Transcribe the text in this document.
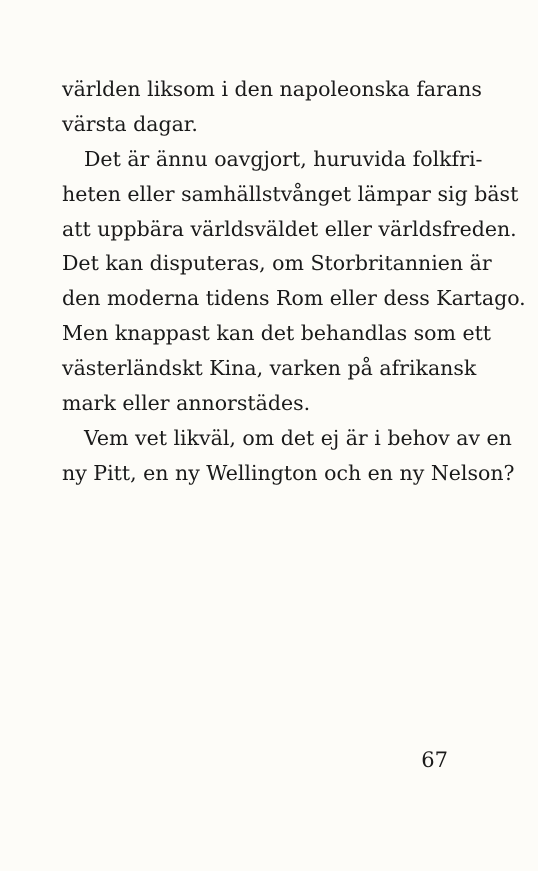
världen liksom i den napoleonska farans
värsta dagar.
Det är ännu oavgjort, huruvida folkfri-
heten eller samhällstvånget lämpar sig bäst
att uppbära världsväldet eller världsfreden.
Det kan disputeras, om Storbritannien är
den moderna tidens Rom eller dess Kartago.
Men knappast kan det behandlas som ett
västerländskt Kina, varken på afrikansk
mark eller annorstädes.
Vem vet likväl, om det ej är i behov av en
ny Pitt, en ny Wellington och en ny Nelson?
67
